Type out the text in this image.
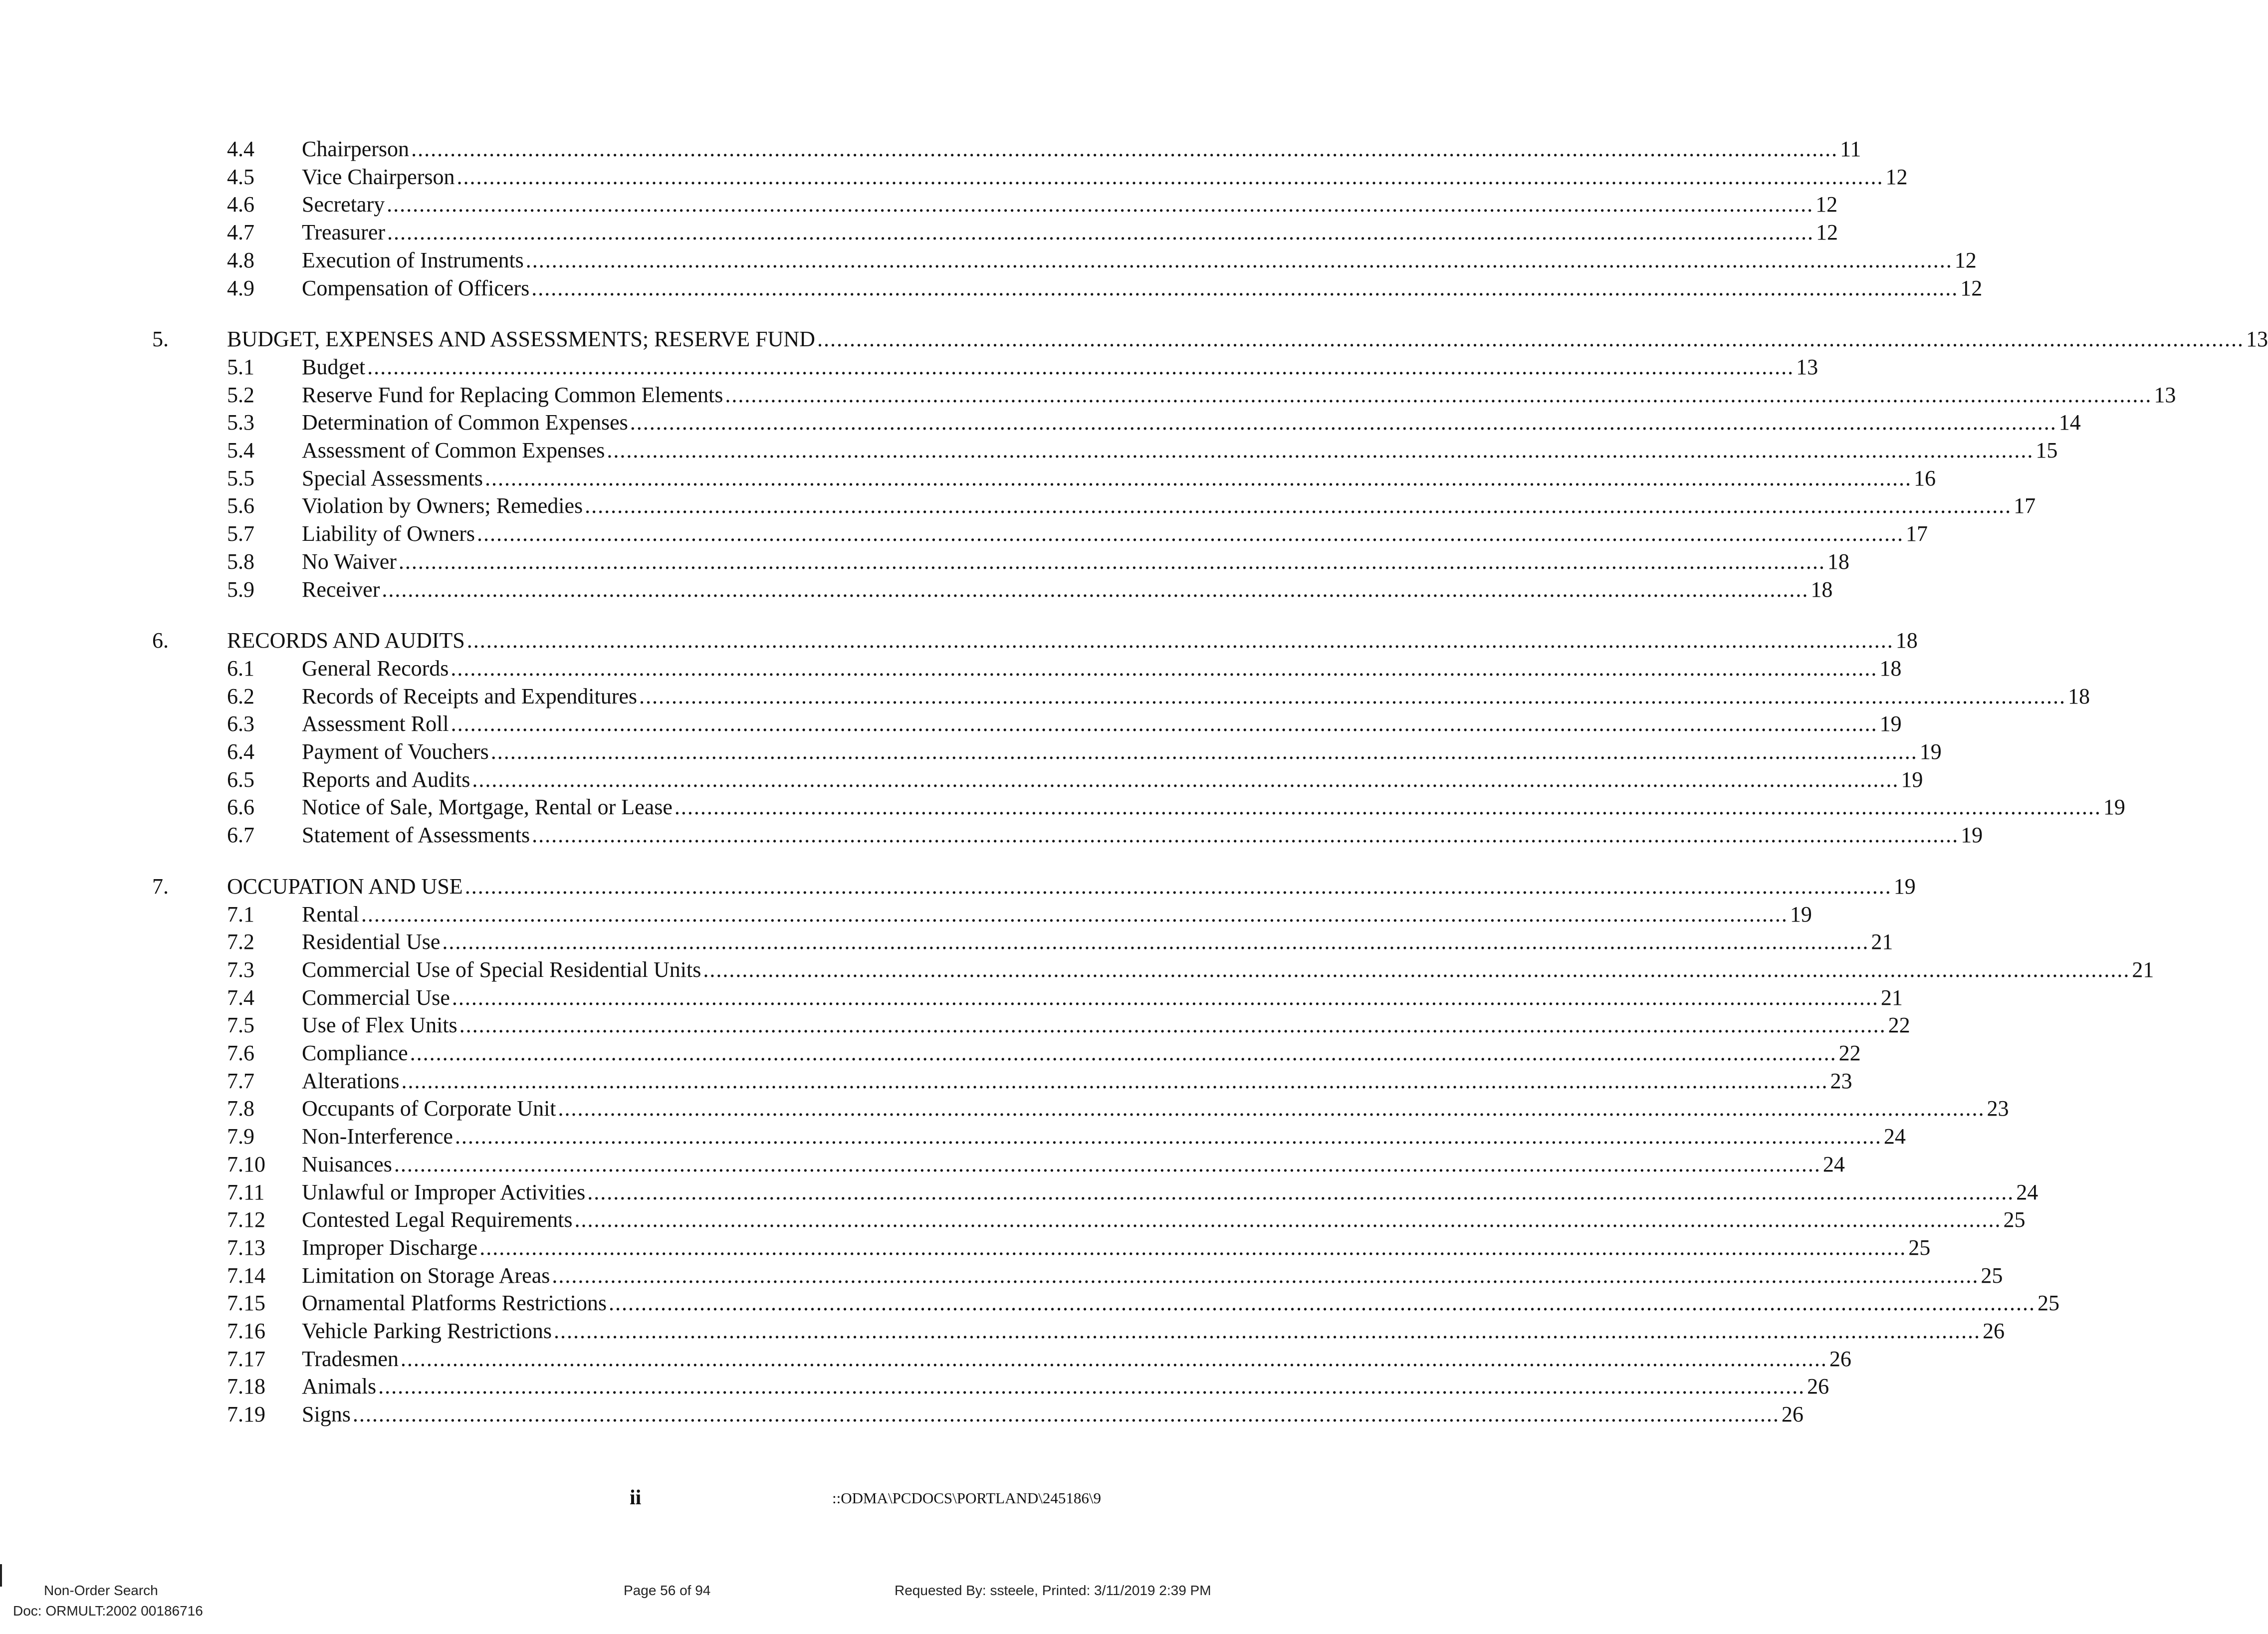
4.4 Chairperson ............................................................................................................................................................................................................................ 11
4.5 Vice Chairperson ............................................................................................................................................................................................................................ 12
4.6 Secretary ............................................................................................................................................................................................................................ 12
4.7 Treasurer ............................................................................................................................................................................................................................ 12
4.8 Execution of Instruments ............................................................................................................................................................................................................................ 12
4.9 Compensation of Officers ............................................................................................................................................................................................................................ 12
5.	BUDGET, EXPENSES AND ASSESSMENTS; RESERVE FUND ............................................................................................................................................................................................................................ 13
5.1 Budget ............................................................................................................................................................................................................................ 13
5.2 Reserve Fund for Replacing Common Elements ............................................................................................................................................................................................................................ 13
5.3 Determination of Common Expenses ............................................................................................................................................................................................................................ 14
5.4 Assessment of Common Expenses ............................................................................................................................................................................................................................ 15
5.5 Special Assessments ............................................................................................................................................................................................................................ 16
5.6 Violation by Owners; Remedies ............................................................................................................................................................................................................................ 17
5.7 Liability of Owners ............................................................................................................................................................................................................................ 17
5.8 No Waiver ............................................................................................................................................................................................................................ 18
5.9 Receiver ............................................................................................................................................................................................................................ 18
6.	RECORDS AND AUDITS ............................................................................................................................................................................................................................ 18
6.1 General Records ............................................................................................................................................................................................................................ 18
6.2 Records of Receipts and Expenditures ............................................................................................................................................................................................................................ 18
6.3 Assessment Roll ............................................................................................................................................................................................................................ 19
6.4 Payment of Vouchers ............................................................................................................................................................................................................................ 19
6.5 Reports and Audits ............................................................................................................................................................................................................................ 19
6.6 Notice of Sale, Mortgage, Rental or Lease ............................................................................................................................................................................................................................ 19
6.7 Statement of Assessments ............................................................................................................................................................................................................................ 19
7.	OCCUPATION AND USE ............................................................................................................................................................................................................................ 19
7.1 Rental ............................................................................................................................................................................................................................ 19
7.2 Residential Use ............................................................................................................................................................................................................................ 21
7.3 Commercial Use of Special Residential Units ............................................................................................................................................................................................................................ 21
7.4 Commercial Use ............................................................................................................................................................................................................................ 21
7.5 Use of Flex Units ............................................................................................................................................................................................................................ 22
7.6 Compliance ............................................................................................................................................................................................................................ 22
7.7 Alterations ............................................................................................................................................................................................................................ 23
7.8 Occupants of Corporate Unit ............................................................................................................................................................................................................................ 23
7.9 Non-Interference ............................................................................................................................................................................................................................ 24
7.10 Nuisances ............................................................................................................................................................................................................................ 24
7.11 Unlawful or Improper Activities ............................................................................................................................................................................................................................ 24
7.12 Contested Legal Requirements ............................................................................................................................................................................................................................ 25
7.13 Improper Discharge ............................................................................................................................................................................................................................ 25
7.14 Limitation on Storage Areas ............................................................................................................................................................................................................................ 25
7.15 Ornamental Platforms Restrictions ............................................................................................................................................................................................................................ 25
7.16 Vehicle Parking Restrictions ............................................................................................................................................................................................................................ 26
7.17 Tradesmen ............................................................................................................................................................................................................................ 26
7.18 Animals ............................................................................................................................................................................................................................ 26
7.19 Signs ............................................................................................................................................................................................................................ 26
ii	::ODMA\PCDOCS\PORTLAND\245186\9
Non-Order Search
Doc: ORMULT:2002 00186716
Page 56 of 94	Requested By: ssteele, Printed: 3/11/2019 2:39 PM
